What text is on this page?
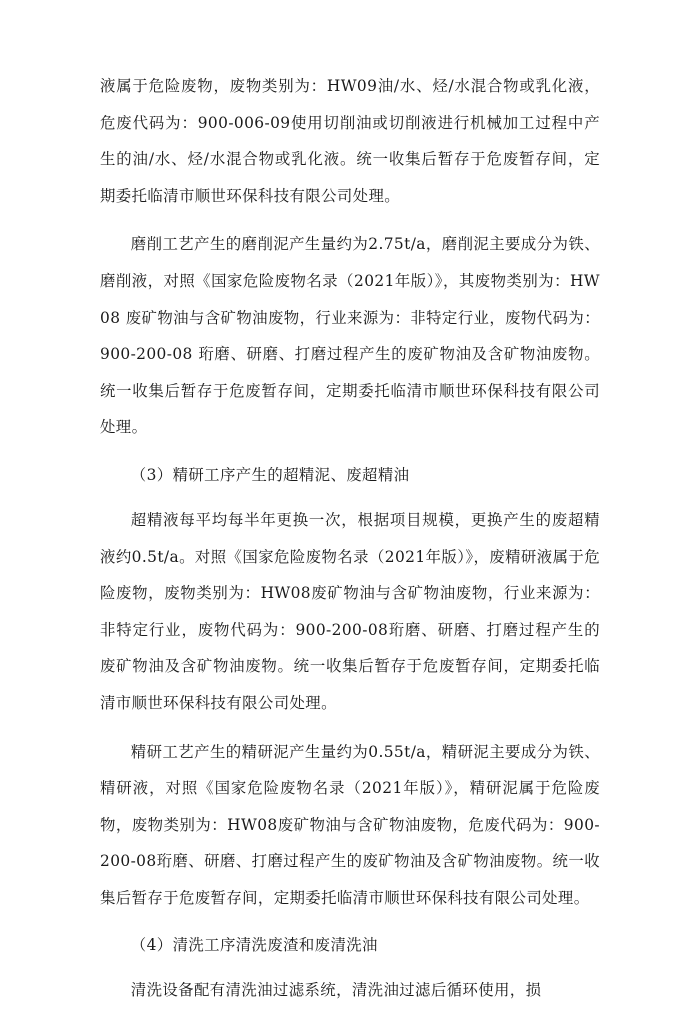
液属于危险废物，废物类别为：HW09油/水、烃/水混合物或乳化液，危废代码为：900-006-09使用切削油或切削液进行机械加工过程中产生的油/水、烃/水混合物或乳化液。统一收集后暂存于危废暂存间，定期委托临清市顺世环保科技有限公司处理。

磨削工艺产生的磨削泥产生量约为2.75t/a，磨削泥主要成分为铁、磨削液，对照《国家危险废物名录（2021年版）》，其废物类别为：HW08 废矿物油与含矿物油废物，行业来源为：非特定行业，废物代码为：900-200-08 珩磨、研磨、打磨过程产生的废矿物油及含矿物油废物。统一收集后暂存于危废暂存间，定期委托临清市顺世环保科技有限公司处理。

（3）精研工序产生的超精泥、废超精油

超精液每平均每半年更换一次，根据项目规模，更换产生的废超精液约0.5t/a。对照《国家危险废物名录（2021年版）》，废精研液属于危险废物，废物类别为：HW08废矿物油与含矿物油废物，行业来源为：非特定行业，废物代码为：900-200-08珩磨、研磨、打磨过程产生的废矿物油及含矿物油废物。统一收集后暂存于危废暂存间，定期委托临清市顺世环保科技有限公司处理。

精研工艺产生的精研泥产生量约为0.55t/a，精研泥主要成分为铁、精研液，对照《国家危险废物名录（2021年版）》，精研泥属于危险废物，废物类别为：HW08废矿物油与含矿物油废物，危废代码为：900-200-08珩磨、研磨、打磨过程产生的废矿物油及含矿物油废物。统一收集后暂存于危废暂存间，定期委托临清市顺世环保科技有限公司处理。

（4）清洗工序清洗废渣和废清洗油

清洗设备配有清洗油过滤系统，清洗油过滤后循环使用，损
